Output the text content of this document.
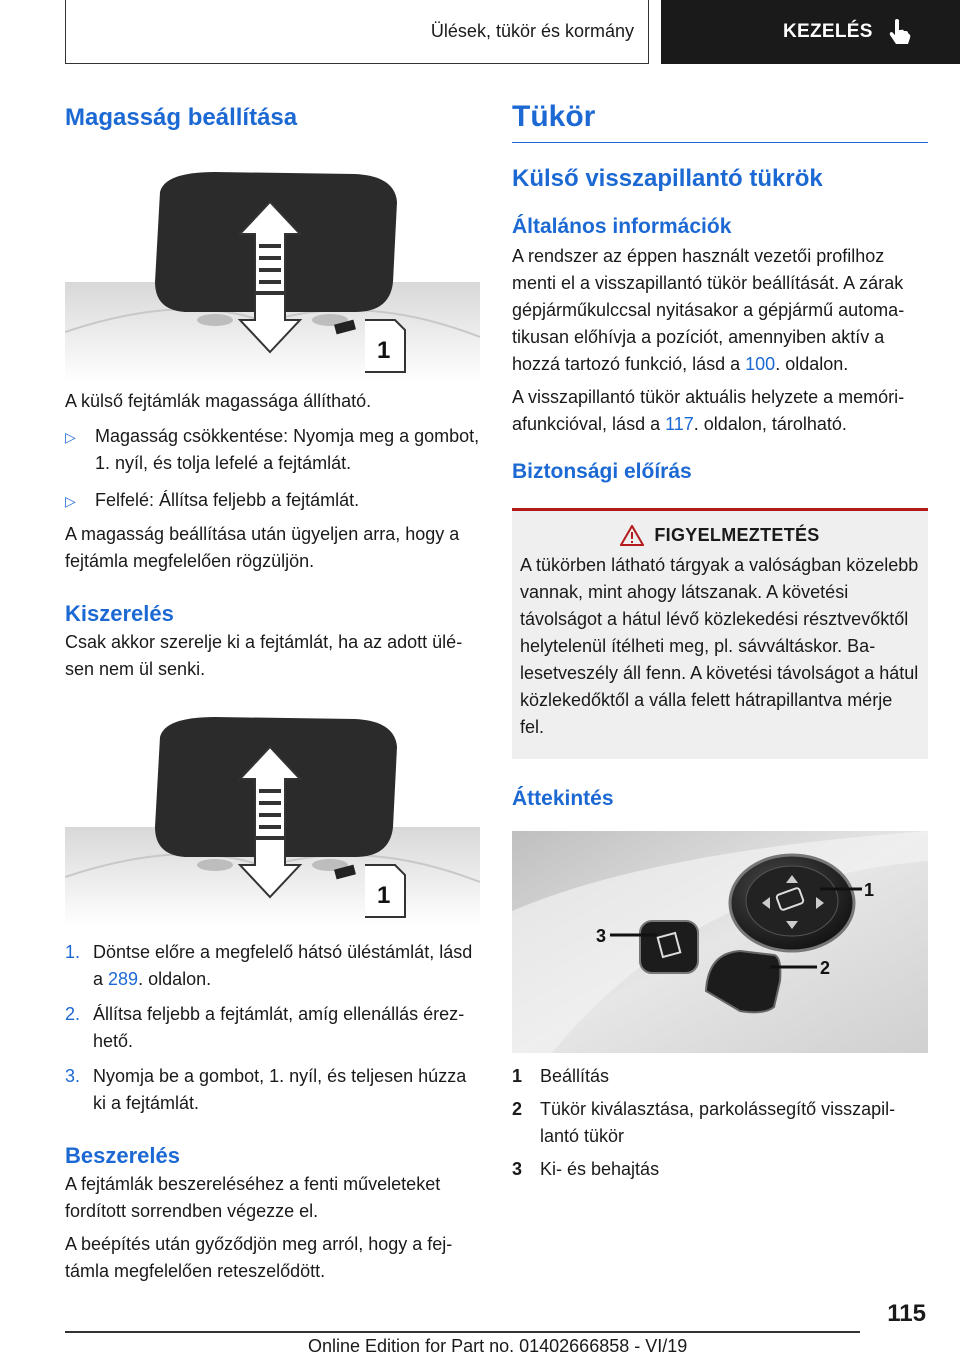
Ülések, tükör és kormány	KEZELÉS
Magasság beállítása
1

A külső fejtámlák magassága állítható.

▷	Magasság csökkentése: Nyomja meg a gombot, 1. nyíl, és tolja lefelé a fejtámlát.
▷	Felfelé: Állítsa feljebb a fejtámlát.

A magasság beállítása után ügyeljen arra, hogy a fejtámla megfelelően rögzüljön.

Kiszerelés

Csak akkor szerelje ki a fejtámlát, ha az adott ülésen nem ül senki.

1
1. Döntse előre a megfelelő hátsó üléstámlát, lásd a 289. oldalon.
2. Állítsa feljebb a fejtámlát, amíg ellenállás érezhető.
3. Nyomja be a gombot, 1. nyíl, és teljesen húzza ki a fejtámlát.
Beszerelés

A fejtámlák beszereléséhez a fenti műveleteket fordított sorrendben végezze el.

A beépítés után győződjön meg arról, hogy a fejtámla megfelelően reteszelődött.

Tükör
Külső visszapillantó tükrök
Általános információk

A rendszer az éppen használt vezetői profilhoz menti el a visszapillantó tükör beállítását. A zárak gépjárműkulccsal nyitásakor a gépjármű automatikusan előhívja a pozíciót, amennyiben aktív a hozzá tartozó funkció, lásd a 100. oldalon.

A visszapillantó tükör aktuális helyzete a memóriafunkcióval, lásd a 117. oldalon, tárolható.

Biztonsági előírás
FIGYELMEZTETÉS

A tükörben látható tárgyak a valóságban közelebb vannak, mint ahogy látszanak. A követési távolságot a hátul lévő közlekedési résztvevőktől helytelenül ítélheti meg, pl. sávváltáskor. Balesetveszély áll fenn. A követési távolságot a hátul közlekedőktől a válla felett hátrapillantva mérje fel.

Áttekintés
1
2
3
1 Beállítás
2 Tükör kiválasztása, parkolássegítő visszapillantó tükör
3 Ki- és behajtás
115
Online Edition for Part no. 01402666858 - VI/19
